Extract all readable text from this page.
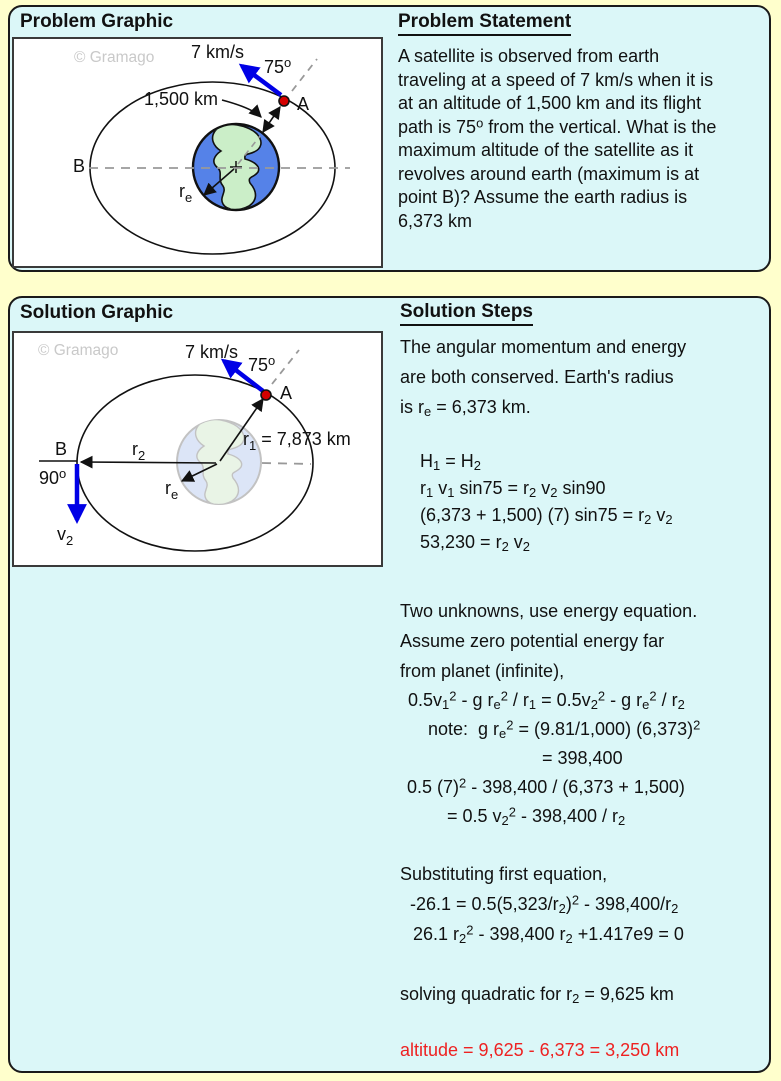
Problem Graphic
© Gramago
$r_e$
1,500 km	A
B
7 km/s
75$^o$
Problem Statement
A satellite is observed from earth
traveling at a speed of 7 km/s when it is
at an altitude of 1,500 km and its flight
path is 75$^o$ from the vertical. What is the
maximum altitude of the satellite as it
revolves around earth (maximum is at
point B)? Assume the earth radius is
6,373 km
Solution Graphic
© Gramago
$r_1 = 7,873$ km
$r_2$
$r_e$
B
90$^o$
$v_2$
A
7 km/s
75$^o$
Solution Steps
The angular momentum and energy
are both conserved. Earth's radius
is $r_e = 6,373$ km.
$H_1 = H_2$
$r_1$ $v_1$ $\sin 75 = r_2$ $v_2$ sin90
(6,373 + 1,500) (7) $\sin 75 = r_2$ $v_2$
$53,230 = r_2$ $v_2$
Two unknowns, use energy equation.
Assume zero potential energy far
from planet (infinite),
$0.5v_1^2$ - g $r_e^2 / r_1 = 0.5v_2^2 - g$ $r_e^2 / r_2$
note:  g $r_e^2 = (9.81/1,000)$ $(6,373)^2$
= 398,400
0.5 $(7)^2 - 398,400 / (6,373 + 1,500)$
= 0.5 $v_2^2 - 398,400 / r_2$
Substituting first equation,
$-26.1 = 0.5(5,323/r_2)^2 - 398,400/r_2$
26.1 $r_2^2 - 398,400$ $r_2 +1.417e9 = 0$
solving quadratic for $r_2 = 9,625$ km
altitude = 9,625 - 6,373 = 3,250 km
